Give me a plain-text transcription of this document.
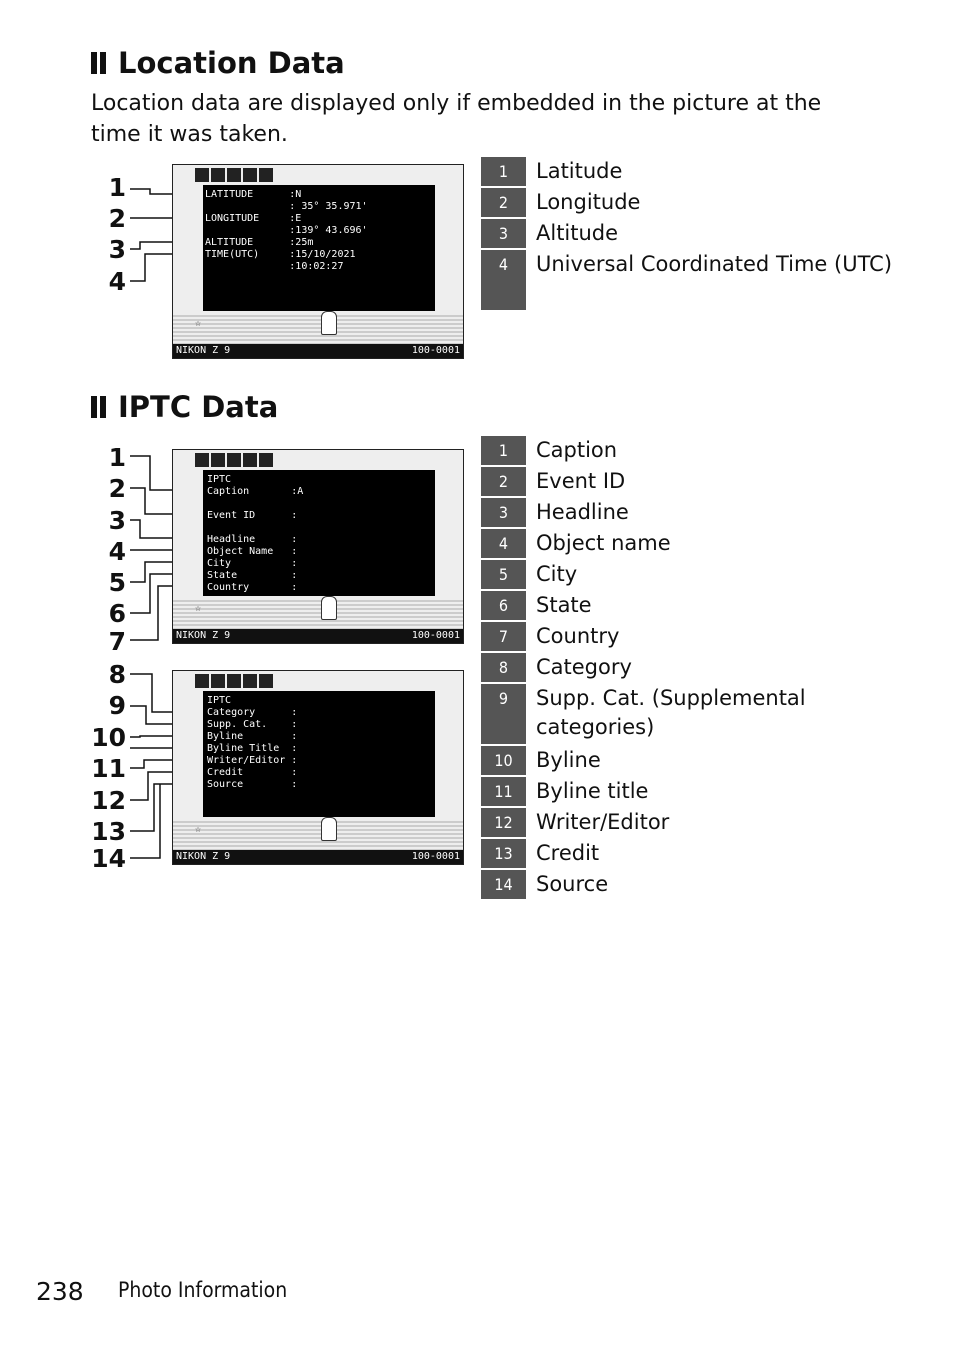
Location Data

Location data are displayed only if embedded in the picture at the time it was taken.

1
2
3
4
LATITUDE      :N
: 35° 35.971'
LONGITUDE     :E
:139° 43.696'
ALTITUDE      :25m
TIME(UTC)     :15/10/2021
:10:02:27
☆
NIKON Z 9	100-0001
1	Latitude
2	Longitude
3	Altitude
4	Universal Coordinated Time (UTC)
IPTC Data
1
2
3
4
5
6
7
8
9
10
11
12
13
14
IPTC
Caption       :A

Event ID      :

Headline      :
Object Name   :
City          :
State         :
Country       :
☆
NIKON Z 9	100-0001
IPTC
Category      :
Supp. Cat.    :
Byline        :
Byline Title  :
Writer/Editor :
Credit        :
Source        :
☆
NIKON Z 9	100-0001
1	Caption
2	Event ID
3	Headline
4	Object name
5	City
6	State
7	Country
8	Category
9	Supp. Cat. (Supplemental categories)
10	Byline
11	Byline title
12	Writer/Editor
13	Credit
14	Source
238 Photo Information
